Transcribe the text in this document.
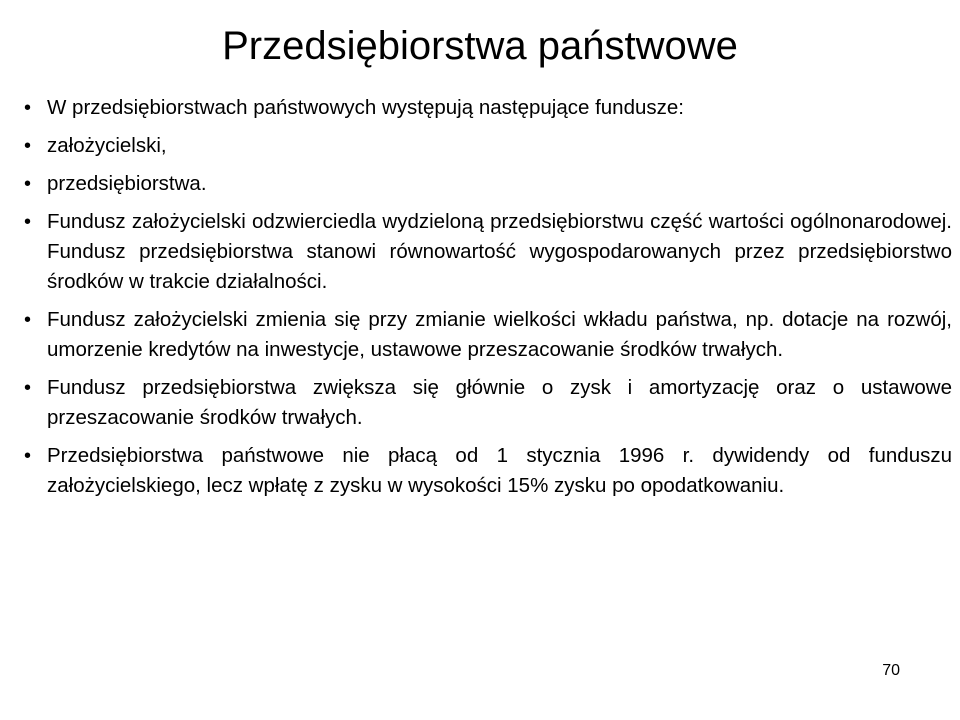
Przedsiębiorstwa państwowe
• W przedsiębiorstwach państwowych występują następujące fundusze:
• założycielski,
• przedsiębiorstwa.
• Fundusz założycielski odzwierciedla wydzieloną przedsiębiorstwu część wartości ogólnonarodowej. Fundusz przedsiębiorstwa stanowi równowartość wygospodarowanych przez przedsiębiorstwo środków w trakcie działalności.
• Fundusz założycielski zmienia się przy zmianie wielkości wkładu państwa, np. dotacje na rozwój, umorzenie kredytów na inwestycje, ustawowe przeszacowanie środków trwałych.
• Fundusz przedsiębiorstwa zwiększa się głównie o zysk i amortyzację oraz o ustawowe przeszacowanie środków trwałych.
• Przedsiębiorstwa państwowe nie płacą od 1 stycznia 1996 r. dywidendy od funduszu założycielskiego, lecz wpłatę z zysku w wysokości 15% zysku po opodatkowaniu.
70
